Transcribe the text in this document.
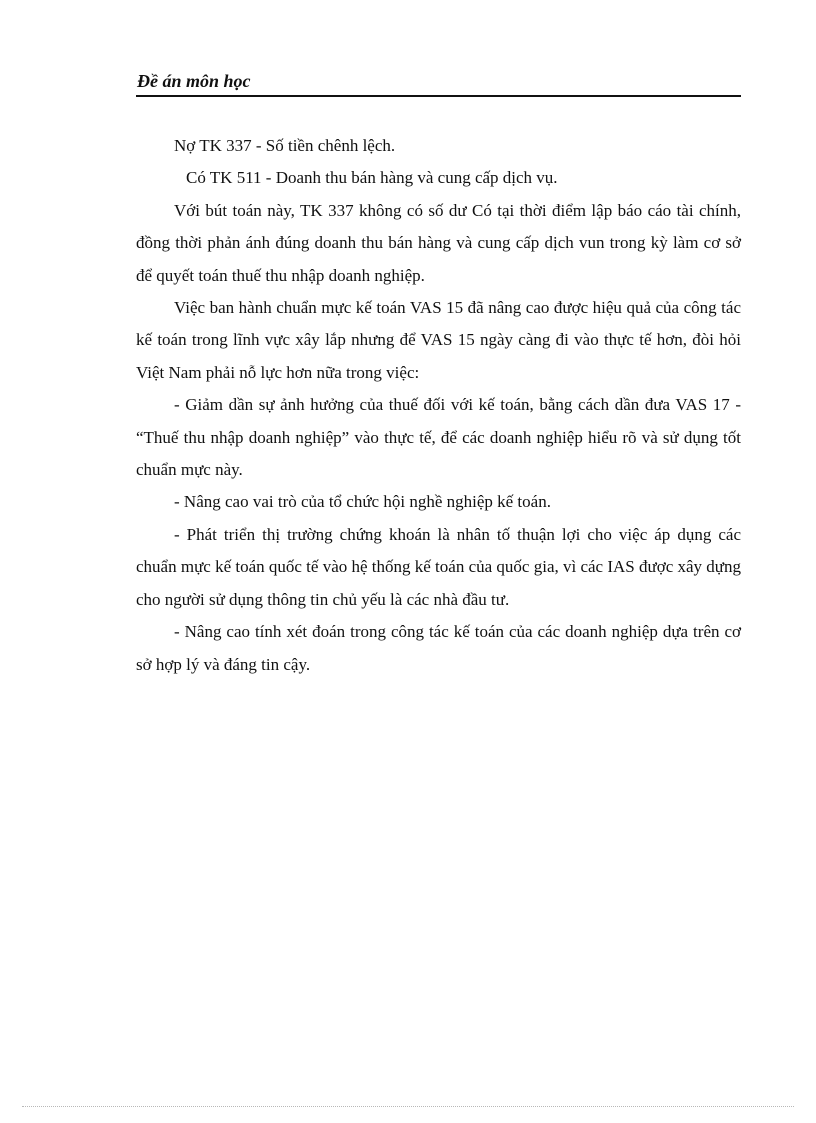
Đề án môn học

Nợ TK 337 - Số tiền chênh lệch.

Có TK 511 - Doanh thu bán hàng và cung cấp dịch vụ.

Với bút toán này, TK 337 không có số dư Có tại thời điểm lập báo cáo tài chính, đồng thời phản ánh đúng doanh thu bán hàng và cung cấp dịch vun trong kỳ làm cơ sở để quyết toán thuế thu nhập doanh nghiệp.

Việc ban hành chuẩn mực kế toán VAS 15 đã nâng cao được hiệu quả của công tác kế toán trong lĩnh vực xây lắp nhưng để VAS 15 ngày càng đi vào thực tế hơn, đòi hỏi Việt Nam phải nỗ lực hơn nữa trong việc:

- Giảm dần sự ảnh hưởng của thuế đối với kế toán, bằng cách dần đưa VAS 17 - “Thuế thu nhập doanh nghiệp” vào thực tế, để các doanh nghiệp hiểu rõ và sử dụng tốt chuẩn mực này.

- Nâng cao vai trò của tổ chức hội nghề nghiệp kế toán.

- Phát triển thị trường chứng khoán là nhân tố thuận lợi cho việc áp dụng các chuẩn mực kế toán quốc tế vào hệ thống kế toán của quốc gia, vì các IAS được xây dựng cho người sử dụng thông tin chủ yếu là các nhà đầu tư.

- Nâng cao tính xét đoán trong công tác kế toán của các doanh nghiệp dựa trên cơ sở hợp lý và đáng tin cậy.
